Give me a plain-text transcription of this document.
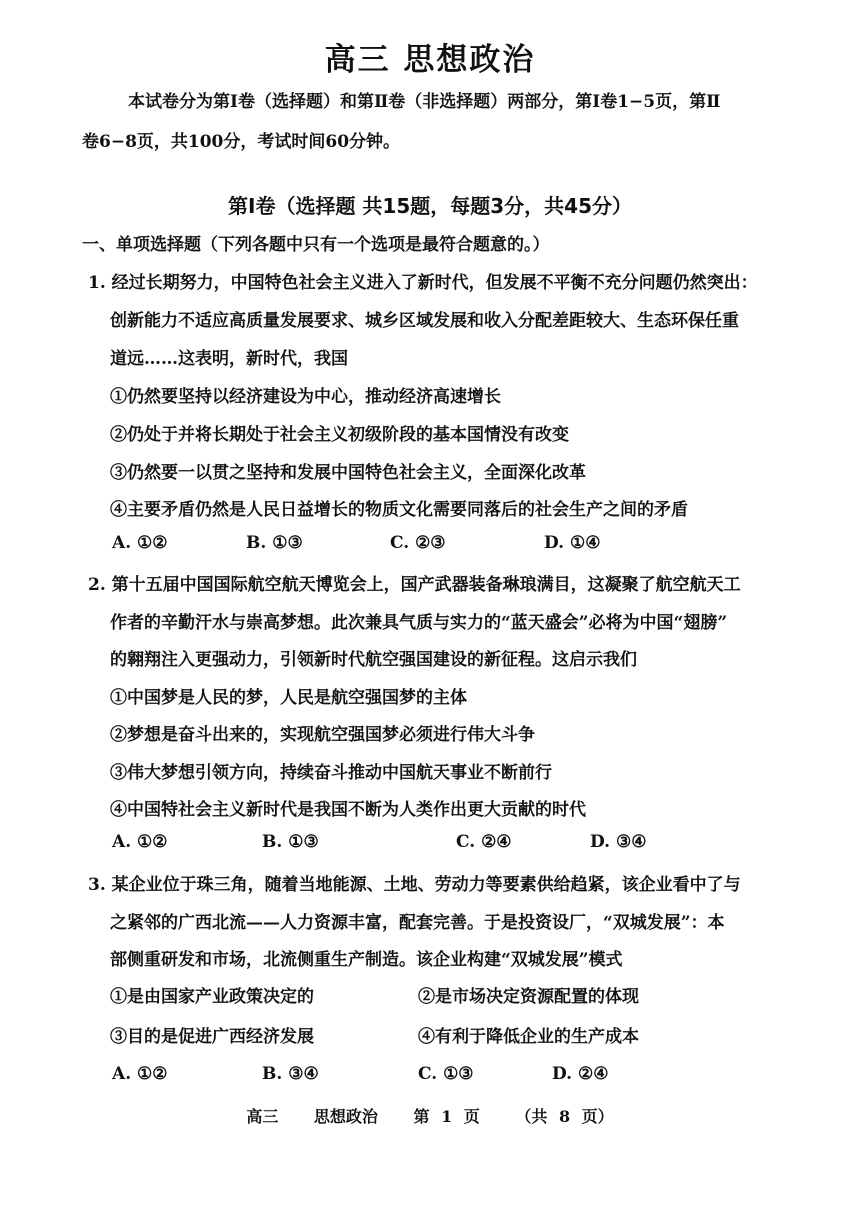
高三 思想政治
本试卷分为第Ⅰ卷（选择题）和第Ⅱ卷（非选择题）两部分，第Ⅰ卷1−5页，第Ⅱ
卷6−8页，共100分，考试时间60分钟。
第Ⅰ卷（选择题 共15题，每题3分，共45分）
一、单项选择题（下列各题中只有一个选项是最符合题意的。）
1. 经过长期努力，中国特色社会主义进入了新时代，但发展不平衡不充分问题仍然突出：
创新能力不适应高质量发展要求、城乡区域发展和收入分配差距较大、生态环保任重
道远……这表明，新时代，我国
①仍然要坚持以经济建设为中心，推动经济高速增长
②仍处于并将长期处于社会主义初级阶段的基本国情没有改变
③仍然要一以贯之坚持和发展中国特色社会主义，全面深化改革
④主要矛盾仍然是人民日益增长的物质文化需要同落后的社会生产之间的矛盾
A. ①②	B. ①③	C. ②③	D. ①④
2. 第十五届中国国际航空航天博览会上，国产武器装备琳琅满目，这凝聚了航空航天工
作者的辛勤汗水与崇高梦想。此次兼具气质与实力的“蓝天盛会”必将为中国“翅膀”
的翱翔注入更强动力，引领新时代航空强国建设的新征程。这启示我们
①中国梦是人民的梦，人民是航空强国梦的主体
②梦想是奋斗出来的，实现航空强国梦必须进行伟大斗争
③伟大梦想引领方向，持续奋斗推动中国航天事业不断前行
④中国特社会主义新时代是我国不断为人类作出更大贡献的时代
A. ①②	B. ①③	C. ②④	D. ③④
3. 某企业位于珠三角，随着当地能源、土地、劳动力等要素供给趋紧，该企业看中了与
之紧邻的广西北流——人力资源丰富，配套完善。于是投资设厂，“双城发展”：本
部侧重研发和市场，北流侧重生产制造。该企业构建“双城发展”模式
①是由国家产业政策决定的	②是市场决定资源配置的体现
③目的是促进广西经济发展	④有利于降低企业的生产成本
A. ①②	B. ③④	C. ①③	D. ②④
高三 思想政治 第 1 页 （共 8 页）
